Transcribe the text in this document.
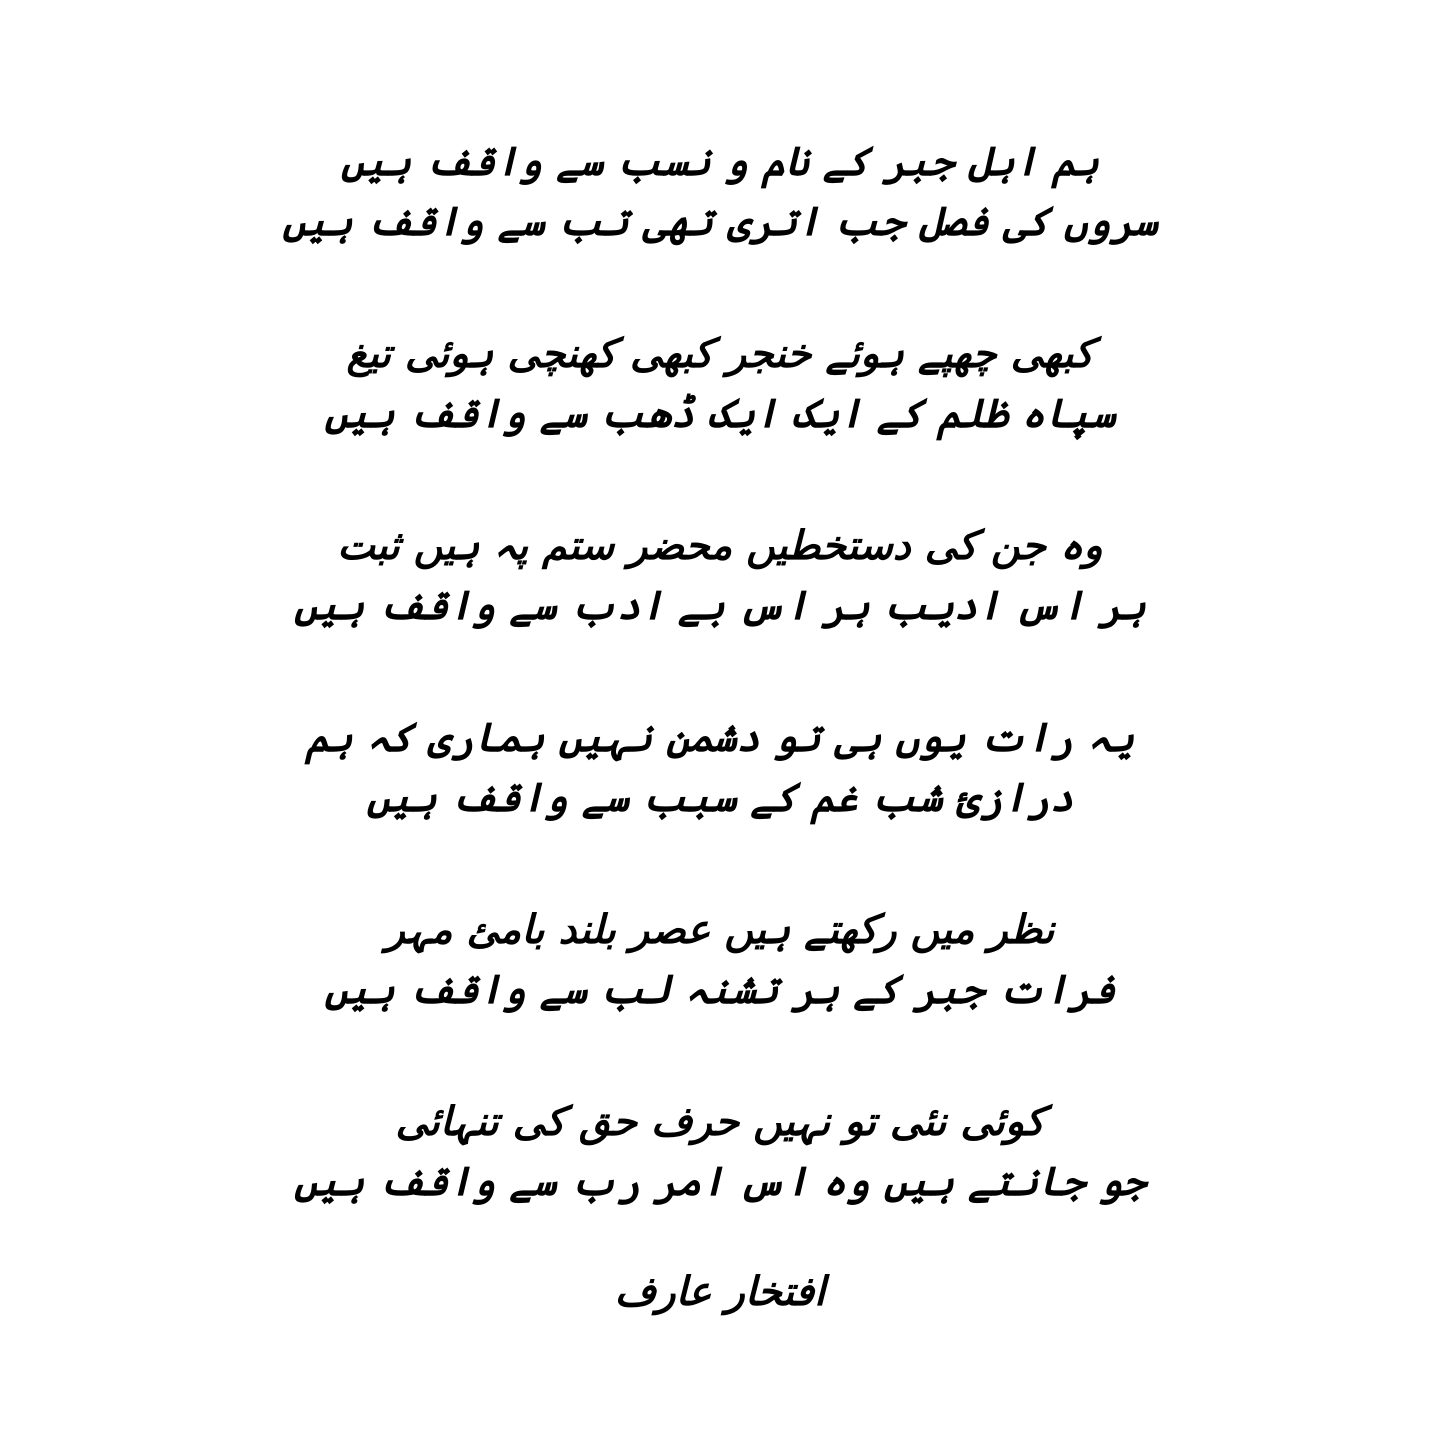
ہم اہل جبر کے نام و نسب سے واقف ہیں
سروں کی فصل جب اتری تھی تب سے واقف ہیں
کبھی چھپے ہوئے خنجر کبھی کھنچی ہوئی تیغ
سپاہ ظلم کے ایک ایک ڈھب سے واقف ہیں
وہ جن کی دستخطیں محضر ستم پہ ہیں ثبت
ہر اس ادیب ہر اس بے ادب سے واقف ہیں
یہ رات یوں ہی تو دشمن نہیں ہماری کہ ہم
درازئ شب غم کے سبب سے واقف ہیں
نظر میں رکھتے ہیں عصر بلند بامئ مہر
فرات جبر کے ہر تشنہ لب سے واقف ہیں
کوئی نئی تو نہیں حرف حق کی تنہائی
جو جانتے ہیں وہ اس امر رب سے واقف ہیں
افتخار عارف
